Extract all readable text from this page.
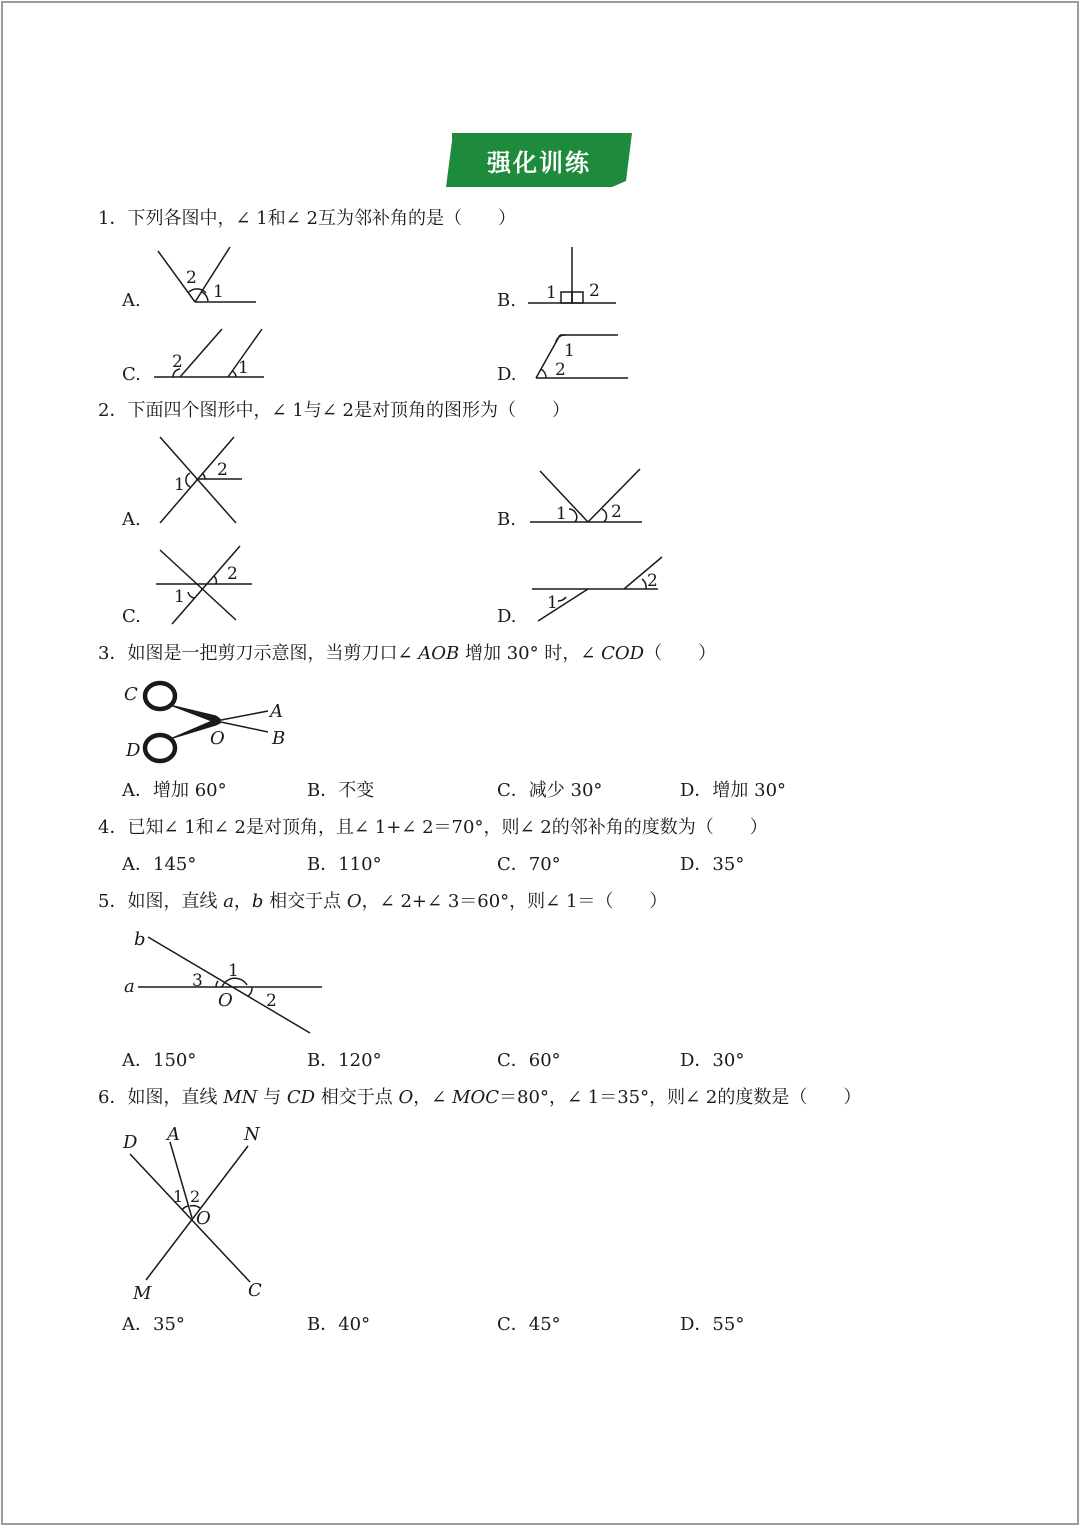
强化训练
1．下列各图中，∠ 1和∠ 2互为邻补角的是（　　）
A.	B.
C.	D.
2
1	1 2
2	1
1
2
2．下面四个图形中，∠ 1与∠ 2是对顶角的图形为（　　）
A.	B.
C.	D.
1
2
1	2
1
2
1
2
3．如图是一把剪刀示意图，当剪刀口∠ AOB 增加 30° 时，∠ COD（　　）
C
D
O
A
B
A．增加 60°	B．不变	C．减少 30°	D．增加 30°
4．已知∠ 1和∠ 2是对顶角，且∠ 1+∠ 2＝70°，则∠ 2的邻补角的度数为（　　）
A．145°	B．110°	C．70°	D．35°
5．如图，直线 a，b 相交于点 O，∠ 2+∠ 3＝60°，则∠ 1＝（　　）
b
a	3 1
O 2
A．150°	B．120°	C．60°	D．30°
6．如图，直线 MN 与 CD 相交于点 O，∠ MOC＝80°，∠ 1＝35°，则∠ 2的度数是（　　）
D A	N
1 2
O
M	C
A．35°	B．40°	C．45°	D．55°
